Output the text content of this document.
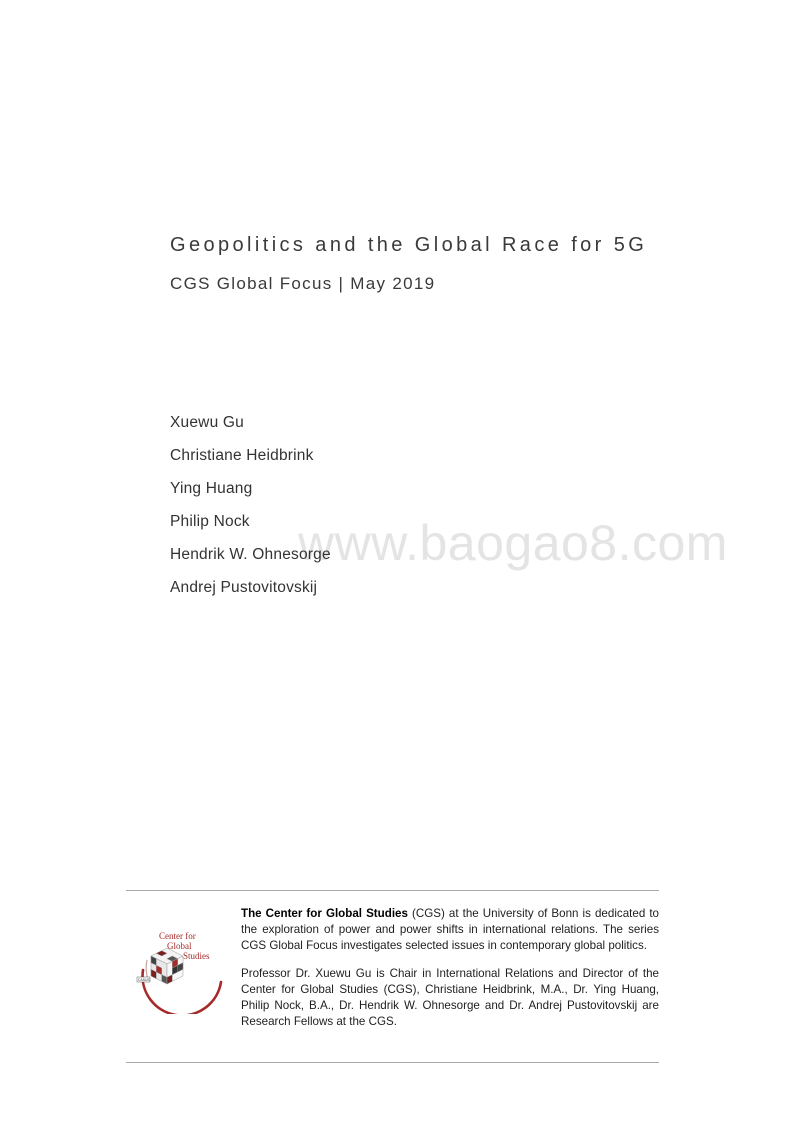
Geopolitics and the Global Race for 5G
CGS Global Focus | May 2019
www.baogao8.com
Xuewu Gu
Christiane Heidbrink
Ying Huang
Philip Nock
Hendrik W. Ohnesorge
Andrej Pustovitovskij
Center for
Global
Studies
CASUS

The Center for Global Studies (CGS) at the University of Bonn is dedicated to the exploration of power and power shifts in international relations. The series CGS Global Focus investigates selected issues in contemporary global politics.

Professor Dr. Xuewu Gu is Chair in International Relations and Director of the Center for Global Studies (CGS), Christiane Heidbrink, M.A., Dr. Ying Huang, Philip Nock, B.A., Dr. Hendrik W. Ohnesorge and Dr. Andrej Pustovitovskij are Research Fellows at the CGS.
